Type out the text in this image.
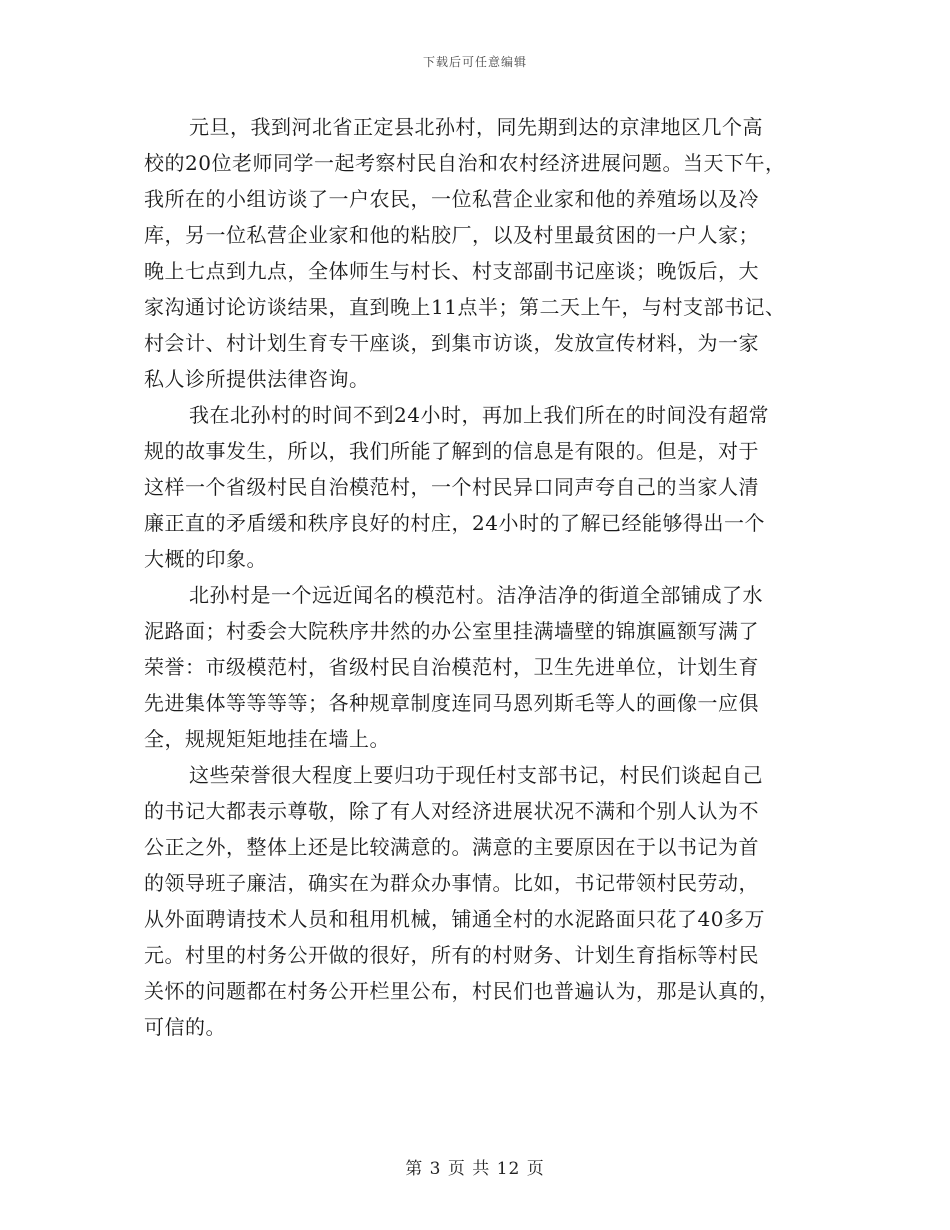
下载后可任意编辑
元旦，我到河北省正定县北孙村，同先期到达的京津地区几个高
校的20位老师同学一起考察村民自治和农村经济进展问题。当天下午，
我所在的小组访谈了一户农民，一位私营企业家和他的养殖场以及冷
库，另一位私营企业家和他的粘胶厂，以及村里最贫困的一户人家；
晚上七点到九点，全体师生与村长、村支部副书记座谈；晚饭后，大
家沟通讨论访谈结果，直到晚上11点半；第二天上午，与村支部书记、
村会计、村计划生育专干座谈，到集市访谈，发放宣传材料，为一家
私人诊所提供法律咨询。
我在北孙村的时间不到24小时，再加上我们所在的时间没有超常
规的故事发生，所以，我们所能了解到的信息是有限的。但是，对于
这样一个省级村民自治模范村，一个村民异口同声夸自己的当家人清
廉正直的矛盾缓和秩序良好的村庄，24小时的了解已经能够得出一个
大概的印象。
北孙村是一个远近闻名的模范村。洁净洁净的街道全部铺成了水
泥路面；村委会大院秩序井然的办公室里挂满墙壁的锦旗匾额写满了
荣誉：市级模范村，省级村民自治模范村，卫生先进单位，计划生育
先进集体等等等等；各种规章制度连同马恩列斯毛等人的画像一应俱
全，规规矩矩地挂在墙上。
这些荣誉很大程度上要归功于现任村支部书记，村民们谈起自己
的书记大都表示尊敬，除了有人对经济进展状况不满和个别人认为不
公正之外，整体上还是比较满意的。满意的主要原因在于以书记为首
的领导班子廉洁，确实在为群众办事情。比如，书记带领村民劳动，
从外面聘请技术人员和租用机械，铺通全村的水泥路面只花了40多万
元。村里的村务公开做的很好，所有的村财务、计划生育指标等村民
关怀的问题都在村务公开栏里公布，村民们也普遍认为，那是认真的，
可信的。
第 3 页 共 12 页
